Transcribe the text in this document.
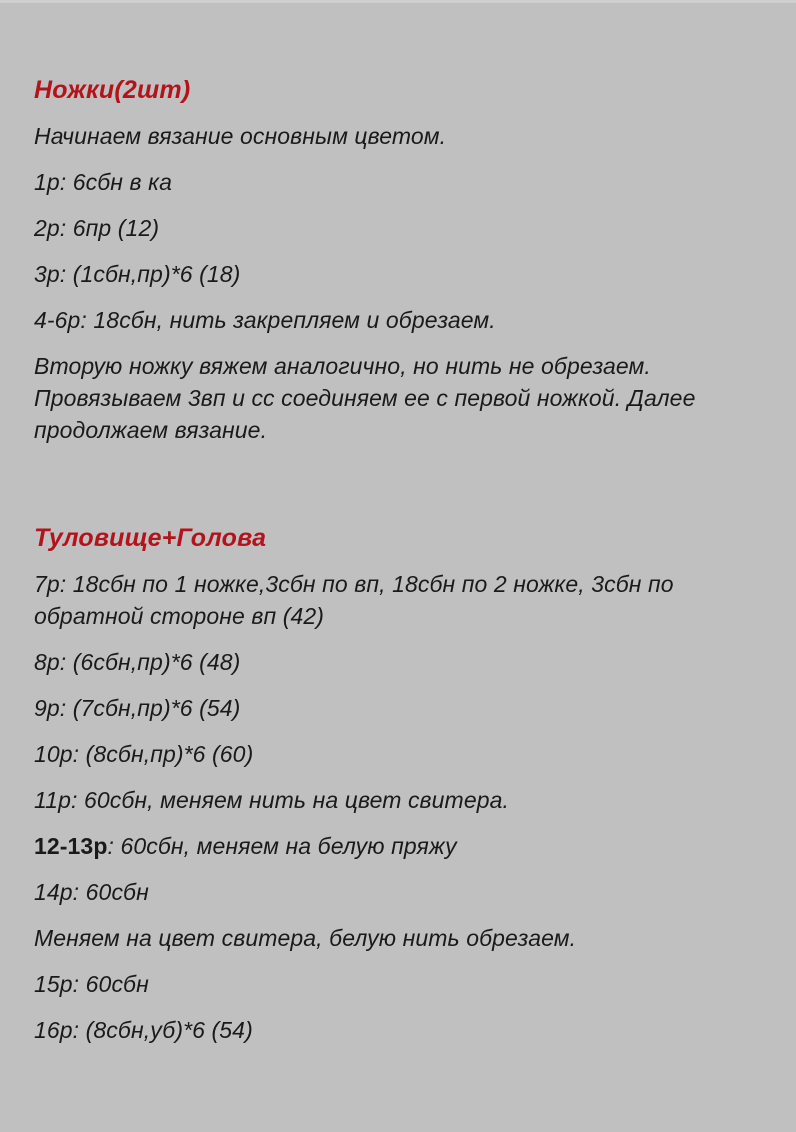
Ножки(2шт)

Начинаем вязание основным цветом.

1р: 6сбн в ка

2р: 6пр (12)

3р: (1сбн,пр)*6 (18)

4-6р: 18сбн, нить закрепляем и обрезаем.

Вторую ножку вяжем аналогично, но нить не обрезаем.

Провязываем 3вп и сс соединяем ее с первой ножкой. Далее

продолжаем вязание.

Туловище+Голова

7р: 18сбн по 1 ножке,3сбн по вп, 18сбн по 2 ножке, 3сбн по

обратной стороне вп (42)

8р: (6сбн,пр)*6 (48)

9р: (7сбн,пр)*6 (54)

10р: (8сбн,пр)*6 (60)

11р: 60сбн, меняем нить на цвет свитера.

12-13р: 60сбн, меняем на белую пряжу

14р: 60сбн

Меняем на цвет свитера, белую нить обрезаем.

15р: 60сбн

16р: (8сбн,уб)*6 (54)
